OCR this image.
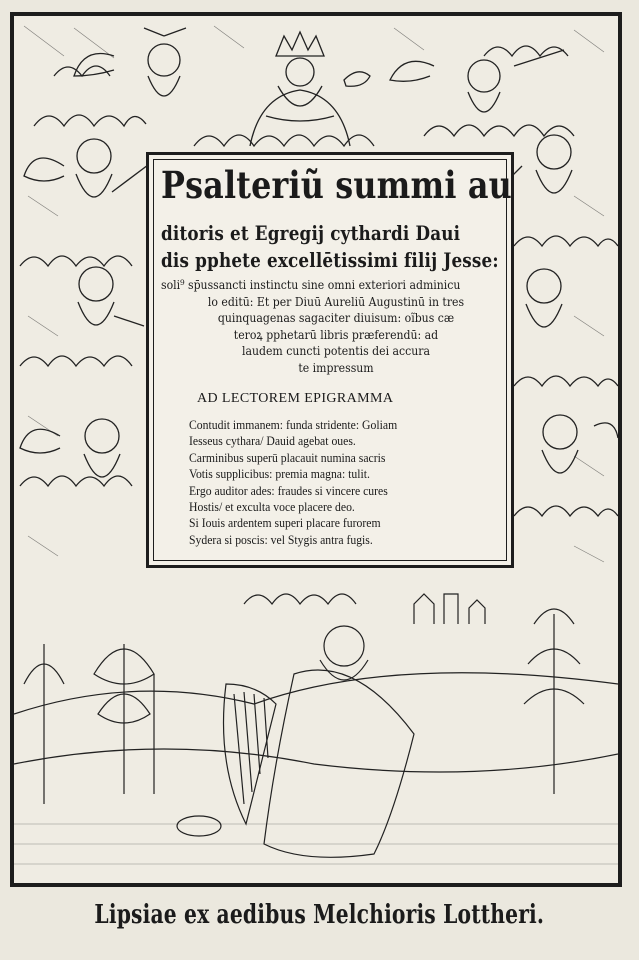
Psalteriũ summi au
ditoris et Egregij cythardi Daui
dis pphete excellētissimi filij Jesse:
soli⁹ sp̄ussancti instinctu sine omni exteriori adminicu
lo editū: Et per Diuū Aureliū Augustinū in tres
quinquagenas sagaciter diuisum: oĩbus cæ
teroꝝ pphetarū libris præferendū: ad
laudem cuncti potentis dei accura
te impressum
AD LECTOREM EPIGRAMMA
Contudit immanem: funda stridente: Goliam
Iesseus cythara/ Dauid agebat oues.
Carminibus superū placauit numina sacris
Votis supplicibus: premia magna: tulit.
Ergo auditor ades: fraudes si vincere cures
Hostis/ et exculta voce placere deo.
Si Iouis ardentem superi placare furorem
Sydera si poscis: vel Stygis antra fugis.
Lipsiae ex aedibus Melchioris Lottheri.
